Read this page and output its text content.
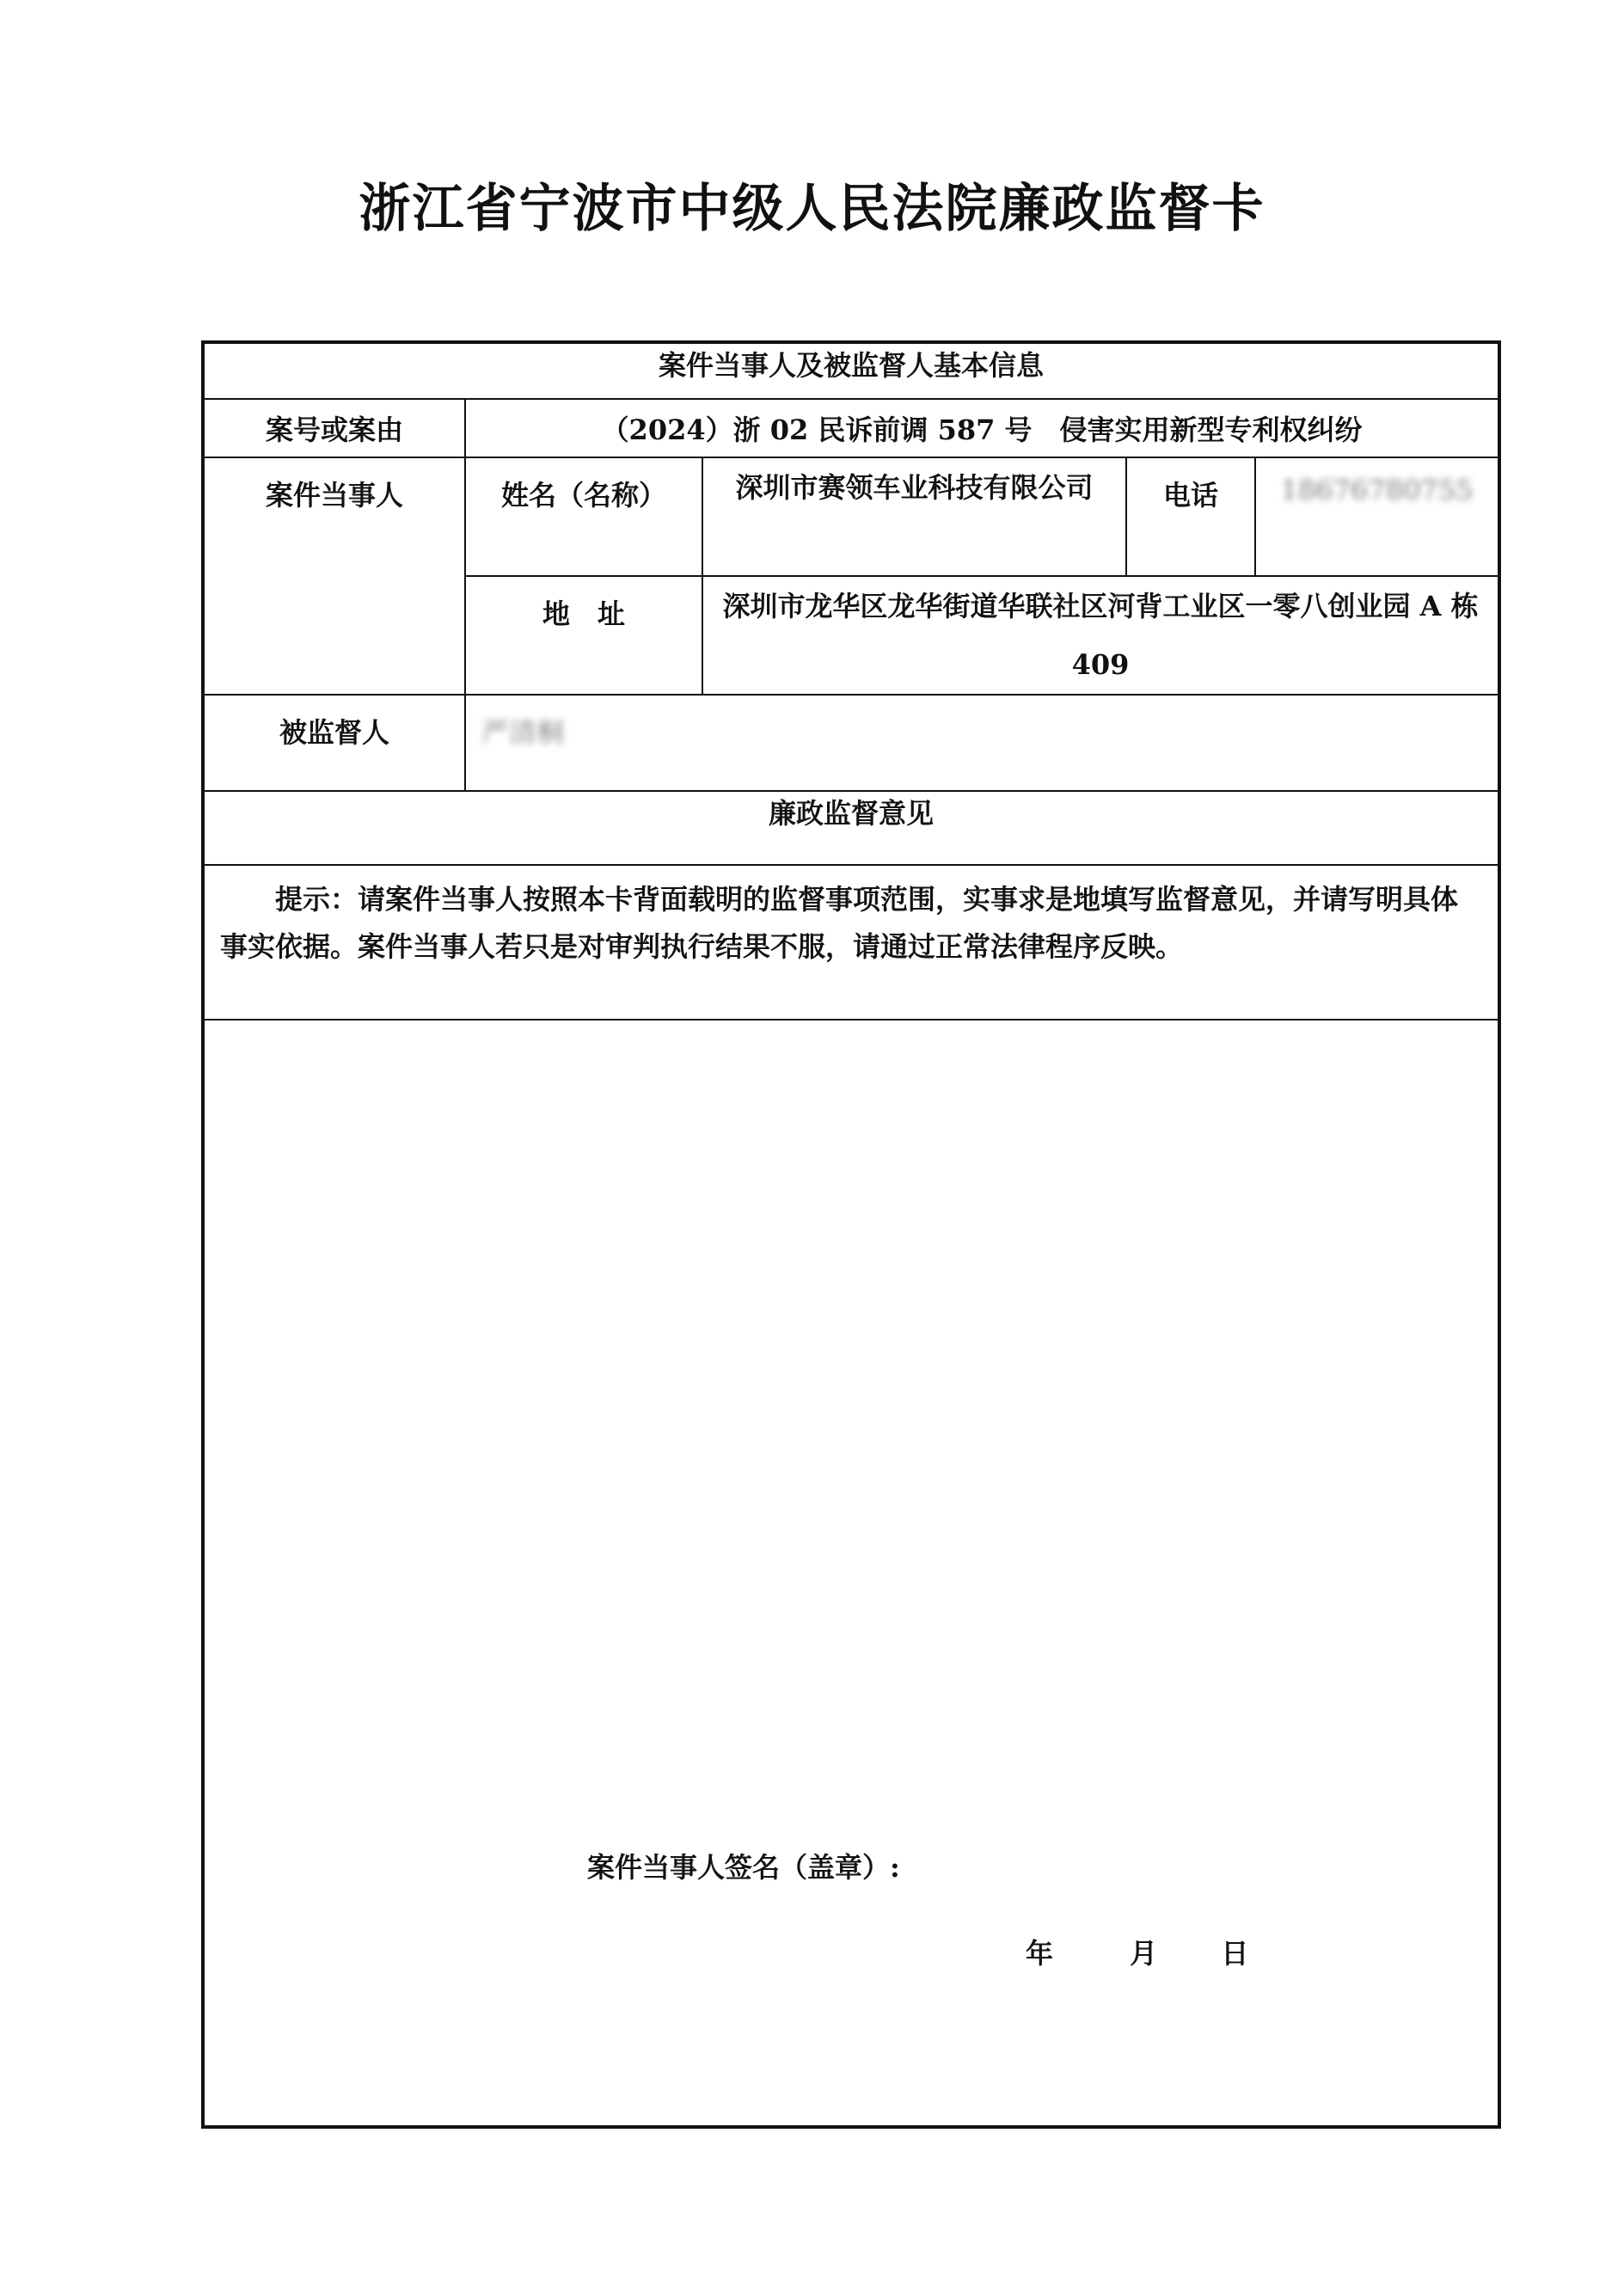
浙江省宁波市中级人民法院廉政监督卡
案件当事人及被监督人基本信息				
案号或案由	（2024）浙 02 民诉前调 587 号　侵害实用新型专利权纠纷			
案件当事人	姓名（名称）	深圳市赛领车业科技有限公司	电话	18676780755
	地　址	深圳市龙华区龙华街道华联社区河背工业区一零八创业园 A 栋 409		
被监督人	严清桐			
廉政监督意见				
提示：请案件当事人按照本卡背面载明的监督事项范围，实事求是地填写监督意见，并请写明具体事实依据。案件当事人若只是对审判执行结果不服，请通过正常法律程序反映。				

案件当事人签名（盖章）:
年 月 日				
